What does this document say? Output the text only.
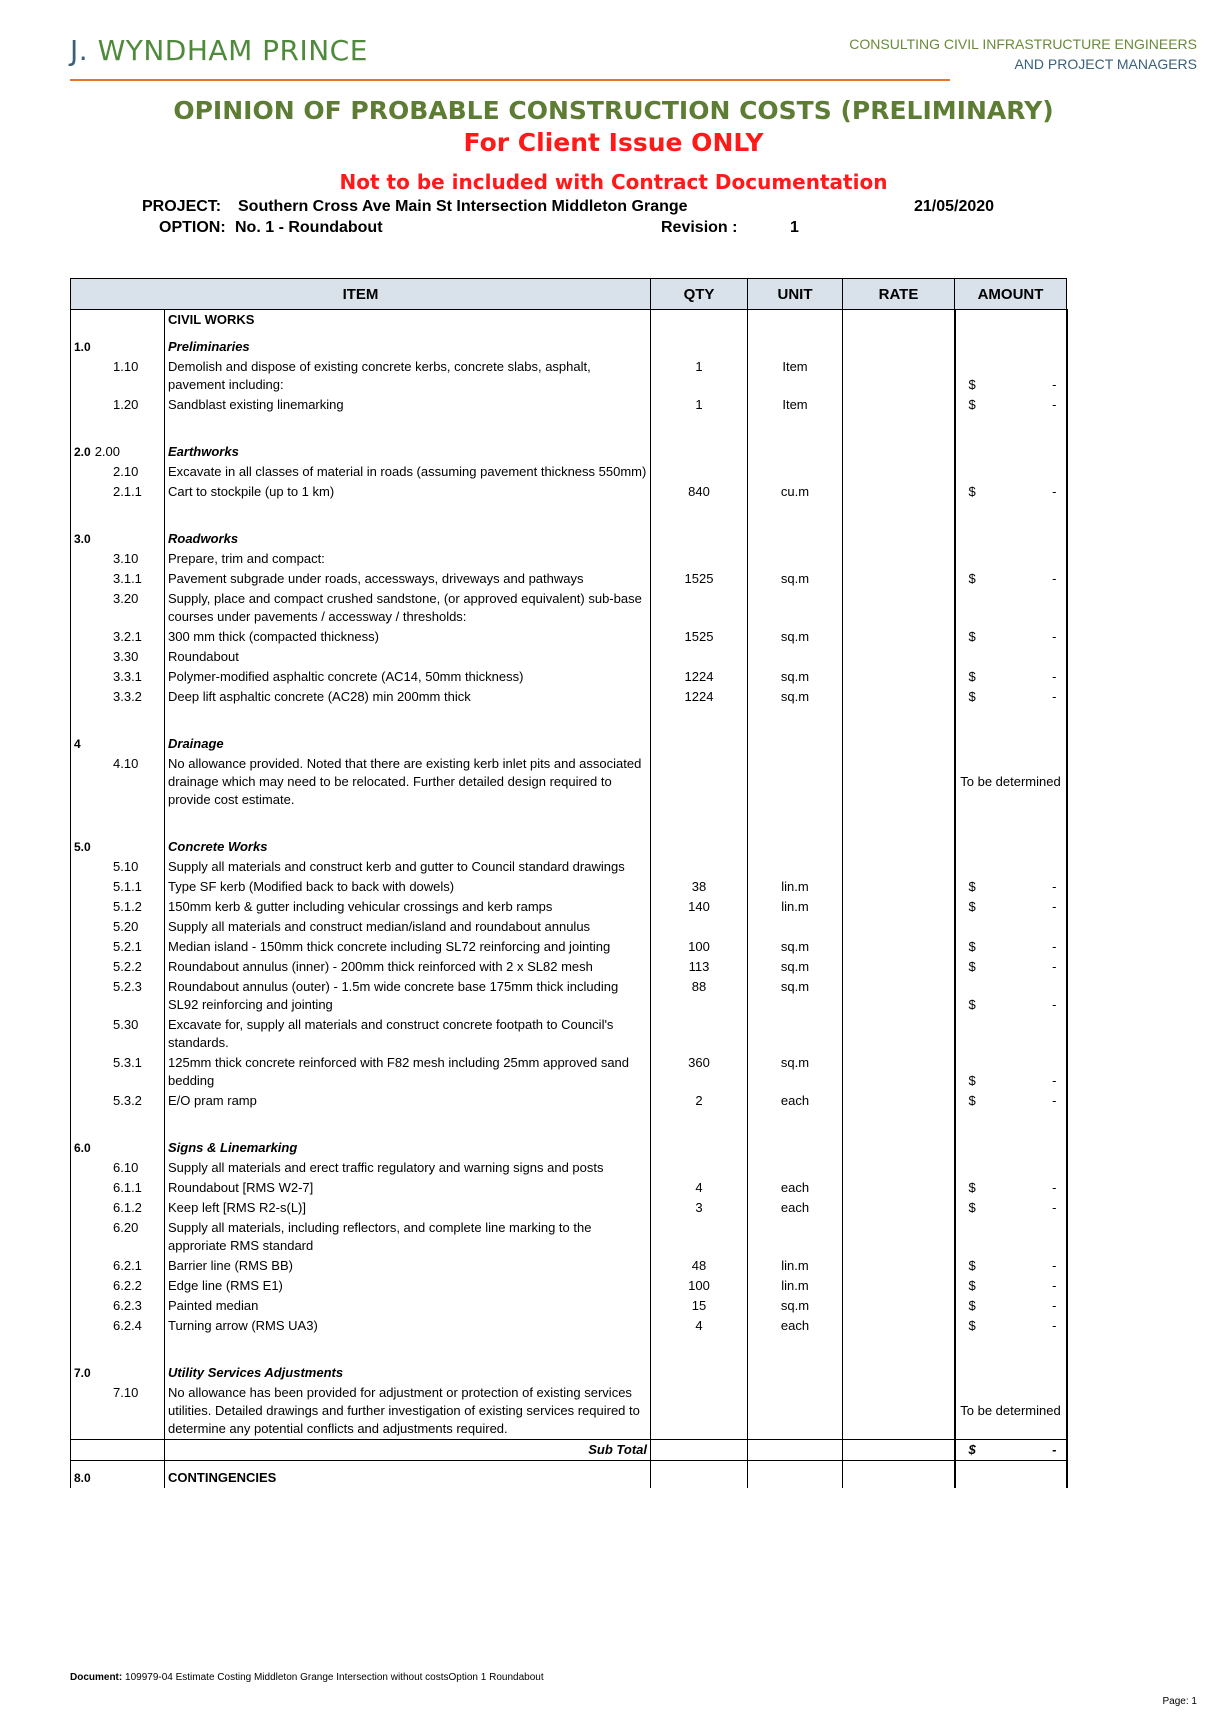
J. WYNDHAM PRINCE	CONSULTING CIVIL INFRASTRUCTURE ENGINEERS
AND PROJECT MANAGERS
OPINION OF PROBABLE CONSTRUCTION COSTS (PRELIMINARY)
For Client Issue ONLY
Not to be included with Contract Documentation
PROJECT: Southern Cross Ave Main St Intersection Middleton Grange	21/05/2020
OPTION: No. 1 - Roundabout	Revision :	1
ITEM		QTY	UNIT	RATE	AMOUNT
	CIVIL WORKS				
1.0	Preliminaries				
1.10	Demolish and dispose of existing concrete kerbs, concrete slabs, asphalt, pavement including:	1	Item		$ -

1.20	Sandblast existing linemarking	1	Item		$ -

2.0 2.00	Earthworks				
2.10	Excavate in all classes of material in roads (assuming pavement thickness 550mm)				
2.1.1	Cart to stockpile (up to 1 km)	840	cu.m		$ -

3.0	Roadworks				
3.10	Prepare, trim and compact:				
3.1.1	Pavement subgrade under roads, accessways, driveways and pathways	1525	sq.m		$ -

3.20	Supply, place and compact crushed sandstone, (or approved equivalent) sub-base courses under pavements / accessway / thresholds:				
3.2.1	300 mm thick (compacted thickness)	1525	sq.m		$ -

3.30	Roundabout				
3.3.1	Polymer-modified asphaltic concrete (AC14, 50mm thickness)	1224	sq.m		$ -

3.3.2	Deep lift asphaltic concrete (AC28) min 200mm thick	1224	sq.m		$ -

4	Drainage				
4.10	No allowance provided. Noted that there are existing kerb inlet pits and associated drainage which may need to be relocated. Further detailed design required to provide cost estimate.				To be determined

5.0	Concrete Works				
5.10	Supply all materials and construct kerb and gutter to Council standard drawings				
5.1.1	Type SF kerb (Modified back to back with dowels)	38	lin.m		$ -

5.1.2	150mm kerb & gutter including vehicular crossings and kerb ramps	140	lin.m		$ -

5.20	Supply all materials and construct median/island and roundabout annulus				
5.2.1	Median island - 150mm thick concrete including SL72 reinforcing and jointing	100	sq.m		$ -

5.2.2	Roundabout annulus (inner) - 200mm thick reinforced with 2 x SL82 mesh	113	sq.m		$ -

5.2.3	Roundabout annulus (outer) - 1.5m wide concrete base 175mm thick including SL92 reinforcing and jointing	88	sq.m		$ -

5.30	Excavate for, supply all materials and construct concrete footpath to Council's standards.				
5.3.1	125mm thick concrete reinforced with F82 mesh including 25mm approved sand bedding	360	sq.m		$ -

5.3.2	E/O pram ramp	2	each		$ -

6.0	Signs & Linemarking				
6.10	Supply all materials and erect traffic regulatory and warning signs and posts				
6.1.1	Roundabout [RMS W2-7]	4	each		$ -

6.1.2	Keep left [RMS R2-s(L)]	3	each		$ -

6.20	Supply all materials, including reflectors, and complete line marking to the approriate RMS standard				
6.2.1	Barrier line (RMS BB)	48	lin.m		$ -

6.2.2	Edge line (RMS E1)	100	lin.m		$ -

6.2.3	Painted median	15	sq.m		$ -

6.2.4	Turning arrow (RMS UA3)	4	each		$ -

7.0	Utility Services Adjustments				
7.10	No allowance has been provided for adjustment or protection of existing services utilities. Detailed drawings and further investigation of existing services required to determine any potential conflicts and adjustments required.				To be determined

	Sub Total				$ -

8.0	CONTINGENCIES				
Document: 109979-04 Estimate Costing Middleton Grange Intersection without costsOption 1 Roundabout
Page: 1
